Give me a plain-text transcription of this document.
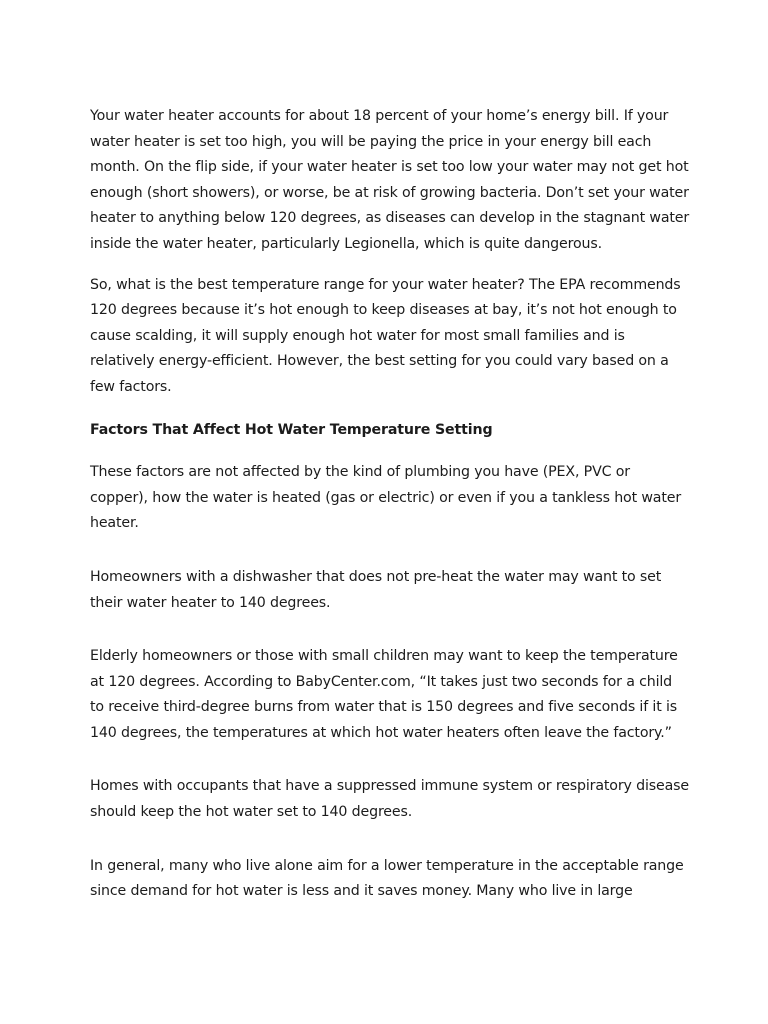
Your water heater accounts for about 18 percent of your home’s energy bill. If your water heater is set too high, you will be paying the price in your energy bill each month. On the flip side, if your water heater is set too low your water may not get hot enough (short showers), or worse, be at risk of growing bacteria. Don’t set your water heater to anything below 120 degrees, as diseases can develop in the stagnant water inside the water heater, particularly Legionella, which is quite dangerous.

So, what is the best temperature range for your water heater? The EPA recommends 120 degrees because it’s hot enough to keep diseases at bay, it’s not hot enough to cause scalding, it will supply enough hot water for most small families and is relatively energy-efficient. However, the best setting for you could vary based on a few factors.

Factors That Affect Hot Water Temperature Setting

These factors are not affected by the kind of plumbing you have (PEX, PVC or copper), how the water is heated (gas or electric) or even if you a tankless hot water heater.

Homeowners with a dishwasher that does not pre-heat the water may want to set their water heater to 140 degrees.

Elderly homeowners or those with small children may want to keep the temperature at 120 degrees. According to BabyCenter.com, “It takes just two seconds for a child to receive third-degree burns from water that is 150 degrees and five seconds if it is 140 degrees, the temperatures at which hot water heaters often leave the factory.”

Homes with occupants that have a suppressed immune system or respiratory disease should keep the hot water set to 140 degrees.

In general, many who live alone aim for a lower temperature in the acceptable range since demand for hot water is less and it saves money. Many who live in large
